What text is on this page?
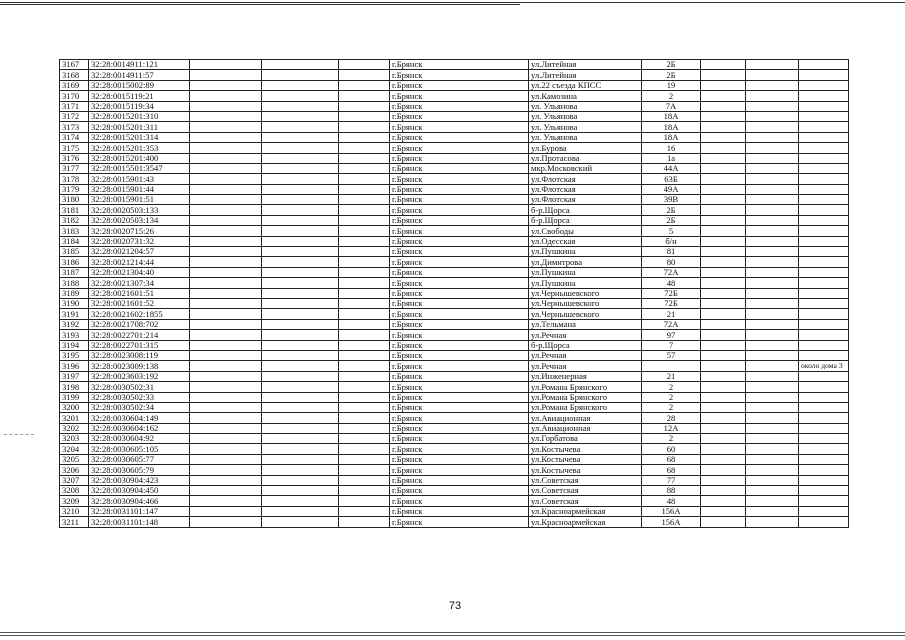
3167	32:28:0014911:121				г.Брянск	ул.Литейная	2Б			
3168	32:28:0014911:57				г.Брянск	ул.Литейная	2Б			
3169	32:28:0015002:89				г.Брянск	ул.22 съезда КПСС	19			
3170	32:28:0015119:21				г.Брянск	ул.Камозина	2			
3171	32:28:0015119:34				г.Брянск	ул. Ульянова	7А			
3172	32:28:0015201:310				г.Брянск	ул. Ульянова	18А			
3173	32:28:0015201:311				г.Брянск	ул. Ульянова	18А			
3174	32:28:0015201:314				г.Брянск	ул. Ульянова	18А			
3175	32:28:0015201:353				г.Брянск	ул.Бурова	16			
3176	32:28:0015201:400				г.Брянск	ул.Протасова	1а			
3177	32:28:0015501:3547				г.Брянск	мкр.Московский	44А			
3178	32:28:0015901:43				г.Брянск	ул.Флотская	63Б			
3179	32:28:0015901:44				г.Брянск	ул.Флотская	49А			
3180	32:28:0015901:51				г.Брянск	ул.Флотская	39В			
3181	32:28:0020503:133				г.Брянск	б-р.Щорса	2Б			
3182	32:28:0020503:134				г.Брянск	б-р.Щорса	2Б			
3183	32:28:0020715:26				г.Брянск	ул.Свободы	5			
3184	32:28:0020731:32				г.Брянск	ул.Одесская	б/н			
3185	32:28:0021204:57				г.Брянск	ул.Пушкина	81			
3186	32:28:0021214:44				г.Брянск	ул.Димитрова	80			
3187	32:28:0021304:40				г.Брянск	ул.Пушкина	72А			
3188	32:28:0021307:34				г.Брянск	ул.Пушкина	48			
3189	32:28:0021601:51				г.Брянск	ул.Чернышевского	72Б			
3190	32:28:0021601:52				г.Брянск	ул.Чернышевского	72Б			
3191	32:28:0021602:1855				г.Брянск	ул.Чернышевского	21			
3192	32:28:0021708:702				г.Брянск	ул.Тельмана	72А			
3193	32:28:0022701:214				г.Брянск	ул.Речная	97			
3194	32:28:0022701:315				г.Брянск	б-р.Щорса	7			
3195	32:28:0023008:119				г.Брянск	ул.Речная	57			
3196	32:28:0023009:138				г.Брянск	ул.Речная				около дома 3
3197	32:28:0023603:192				г.Брянск	ул.Инженерная	21			
3198	32:28:0030502:31				г.Брянск	ул.Романа Брянского	2			
3199	32:28:0030502:33				г.Брянск	ул.Романа Брянского	2			
3200	32:28:0030502:34				г.Брянск	ул.Романа Брянского	2			
3201	32:28:0030604:149				г.Брянск	ул.Авиационная	28			
3202	32:28:0030604:162				г.Брянск	ул.Авиационная	12А			
3203	32:28:0030604:92				г.Брянск	ул.Горбатова	2			
3204	32:28:0030605:105				г.Брянск	ул.Костычева	60			
3205	32:28:0030605:77				г.Брянск	ул.Костычева	68			
3206	32:28:0030605:79				г.Брянск	ул.Костычева	68			
3207	32:28:0030904:423				г.Брянск	ул.Советская	77			
3208	32:28:0030904:450				г.Брянск	ул.Советская	88			
3209	32:28:0030904:466				г.Брянск	ул.Советская	48			
3210	32:28:0031101:147				г.Брянск	ул.Красноармейская	156А			
3211	32:28:0031101:148				г.Брянск	ул.Красноармейская	156А			
73
